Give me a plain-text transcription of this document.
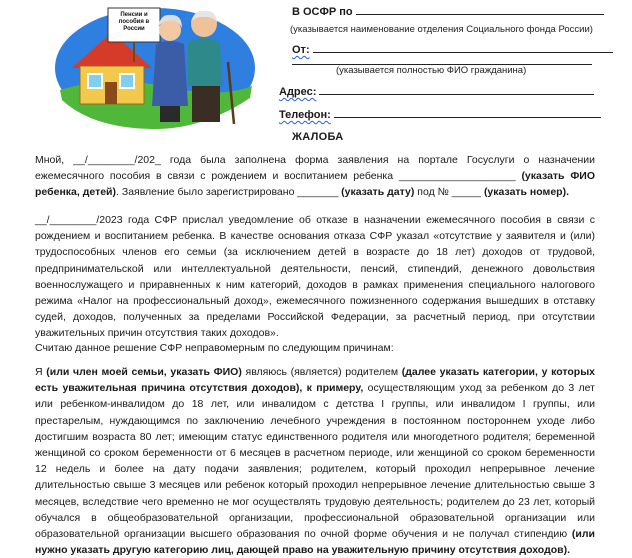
Пенсии и пособия в России
В ОСФР по
(указывается наименование отделения Социального фонда России)
От:
(указывается полностью ФИО гражданина)
Адрес:
Телефон:
ЖАЛОБА
Мной, __/________/202_ года была заполнена форма заявления на портале Госуслуги о назначении ежемесячного пособия в связи с рождением и воспитанием ребенка ____________________ (указать ФИО ребенка, детей). Заявление было зарегистрировано _______ (указать дату) под № _____ (указать номер).
__/________/2023 года СФР прислал уведомление об отказе в назначении ежемесячного пособия в связи с рождением и воспитанием ребенка. В качестве основания отказа СФР указал «отсутствие у заявителя и (или) трудоспособных членов его семьи (за исключением детей в возрасте до 18 лет) доходов от трудовой, предпринимательской или интеллектуальной деятельности, пенсий, стипендий, денежного довольствия военнослужащего и приравненных к ним категорий, доходов в рамках применения специального налогового режима «Налог на профессиональный доход», ежемесячного пожизненного содержания вышедших в отставку судей, доходов, полученных за пределами Российской Федерации, за расчетный период, при отсутствии уважительных причин отсутствия таких доходов».
Считаю данное решение СФР неправомерным по следующим причинам:
Я (или член моей семьи, указать ФИО) являюсь (является) родителем (далее указать категории, у которых есть уважительная причина отсутствия доходов), к примеру, осуществляющим уход за ребенком до 3 лет или ребенком-инвалидом до 18 лет, или инвалидом с детства I группы, или инвалидом I группы, или престарелым, нуждающимся по заключению лечебного учреждения в постоянном постороннем уходе либо достигшим возраста 80 лет; имеющим статус единственного родителя или многодетного родителя; беременной женщиной со сроком беременности от 6 месяцев в расчетном периоде, или женщиной со сроком беременности 12 недель и более на дату подачи заявления; родителем, который проходил непрерывное лечение длительностью свыше 3 месяцев или ребенок который проходил непрерывное лечение длительностью свыше 3 месяцев, вследствие чего временно не мог осуществлять трудовую деятельность; родителем до 23 лет, который обучался в общеобразовательной организации, профессиональной образовательной организации или образовательной организации высшего образования по очной форме обучения и не получал стипендию (или нужно указать другую категорию лиц, дающей право на уважительную причину отсутствия доходов).
